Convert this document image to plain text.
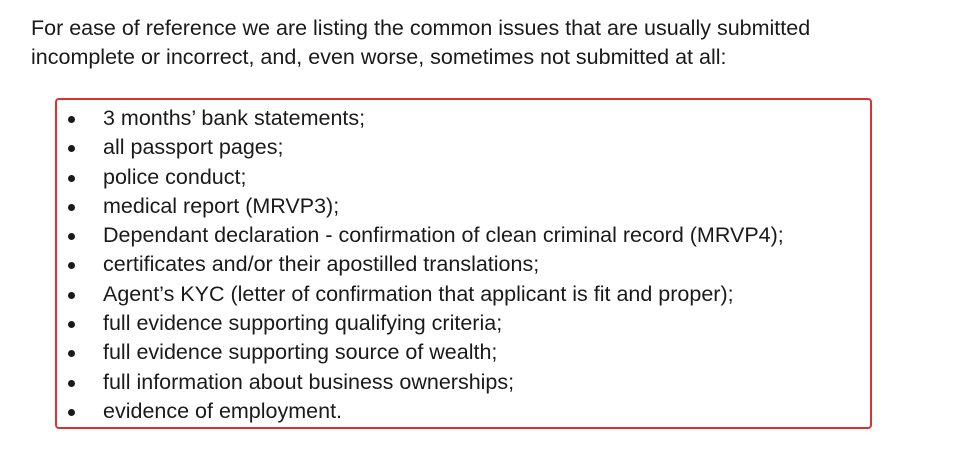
For ease of reference we are listing the common issues that are usually submitted
incomplete or incorrect, and, even worse, sometimes not submitted at all:

3 months’ bank statements;
all passport pages;
police conduct;
medical report (MRVP3);
Dependant declaration - confirmation of clean criminal record (MRVP4);
certificates and/or their apostilled translations;
Agent’s KYC (letter of confirmation that applicant is fit and proper);
full evidence supporting qualifying criteria;
full evidence supporting source of wealth;
full information about business ownerships;
evidence of employment.
